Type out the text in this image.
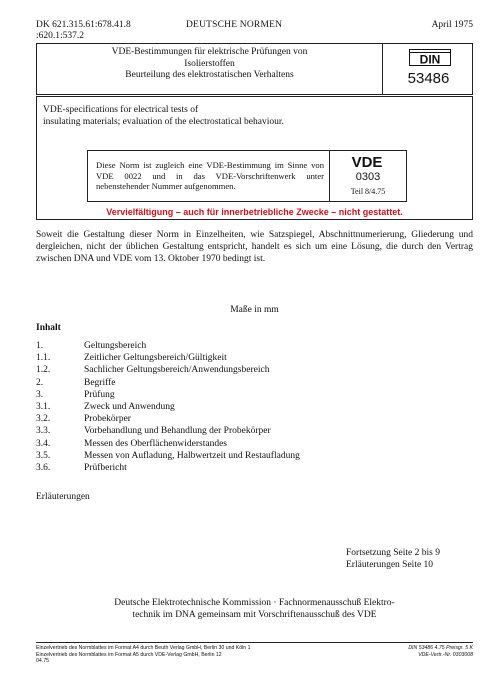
DK 621.315.61:678.41.8
:620.1:537.2
DEUTSCHE NORMEN	April 1975
VDE-Bestimmungen für elektrische Prüfungen von
Isolierstoffen
Beurteilung des elektrostatischen Verhaltens
DIN
53486
VDE-specifications for electrical tests of
insulating materials; evaluation of the electrostatical behaviour.
Diese Norm ist zugleich eine VDE-Bestimmung im Sinne von VDE 0022 und in das VDE-Vorschriftenwerk unter nebenstehender Nummer aufgenommen.
VDE
0303
Teil 8/4.75
Vervielfältigung – auch für innerbetriebliche Zwecke – nicht gestattet.
Soweit die Gestaltung dieser Norm in Einzelheiten, wie Satzspiegel, Abschnittnumerierung, Gliederung und dergleichen, nicht der üblichen Gestaltung entspricht, handelt es sich um eine Lösung, die durch den Vertrag zwischen DNA und VDE vom 13. Oktober 1970 bedingt ist.
Maße in mm
Inhalt
1.	Geltungsbereich
1.1.	Zeitlicher Geltungsbereich/Gültigkeit
1.2.	Sachlicher Geltungsbereich/Anwendungsbereich
2.	Begriffe
3.	Prüfung
3.1.	Zweck und Anwendung
3.2.	Probekörper
3.3.	Vorbehandlung und Behandlung der Probekörper
3.4.	Messen des Oberflächenwiderstandes
3.5.	Messen von Aufladung, Halbwertzeit und Restaufladung
3.6.	Prüfbericht
Erläuterungen
Fortsetzung Seite 2 bis 9
Erläuterungen Seite 10
Deutsche Elektrotechnische Kommission · Fachnormenausschuß Elektro-
technik im DNA gemeinsam mit Vorschriftenausschuß des VDE
Einzelvertrieb des Normblattes im Format A4 durch Beuth Verlag GmbH, Berlin 30 und Köln 1
Einzelvertrieb des Normblattes im Format A5 durch VDE-Verlag GmbH, Berlin 12
04.75
DIN 53486 4.75 Preisgr. 5 K
VDE-Vertr.-Nr. 0303008
